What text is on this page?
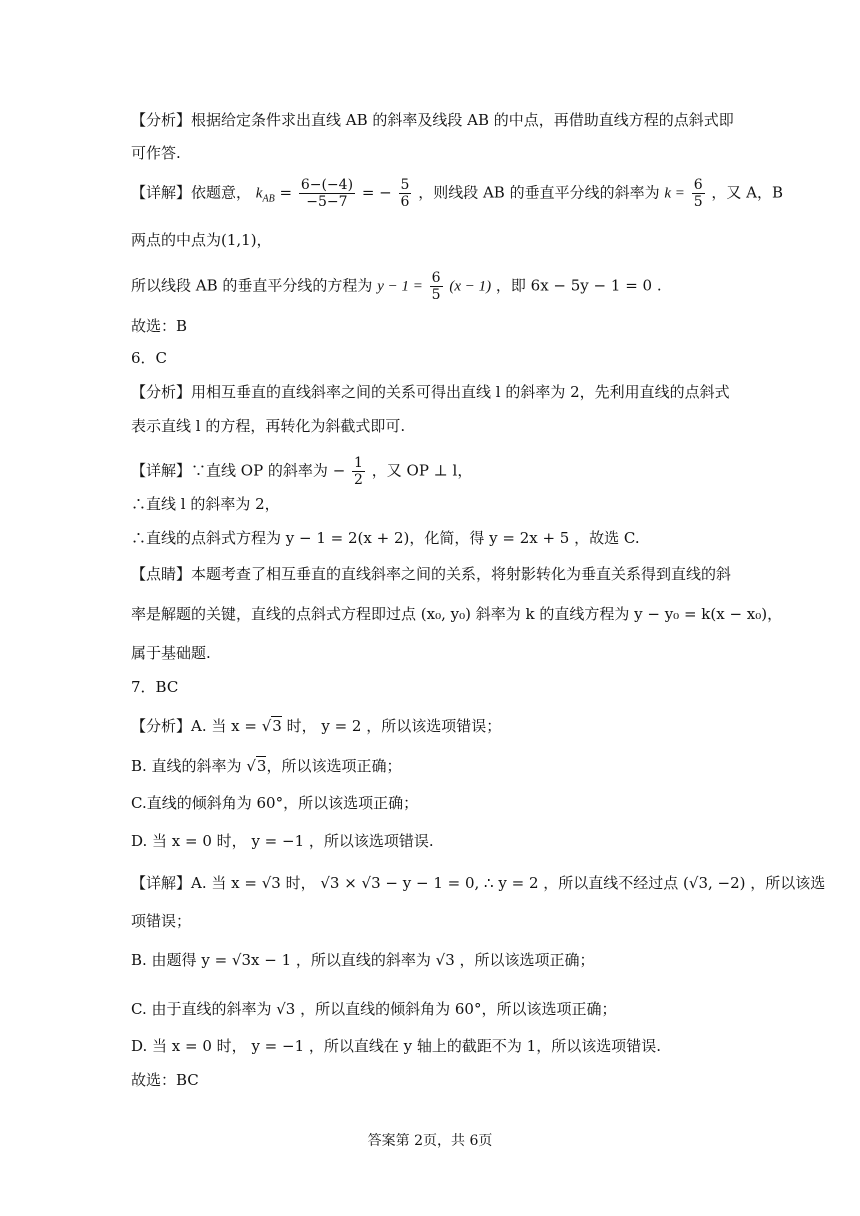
【分析】根据给定条件求出直线 AB 的斜率及线段 AB 的中点，再借助直线方程的点斜式即
可作答.
【详解】依题意， $k_{AB} = \frac{6-(-4)}{-5-7}$ = − $\frac{5}{6}$ ，则线段 AB 的垂直平分线的斜率为 $k = \frac{6}{5}$ ，又 A，B
两点的中点为(1,1)，
所以线段 AB 的垂直平分线的方程为 $y - 1 = \frac{6}{5} (x - 1)$ ，即 6x − 5y − 1 = 0 .
故选：B
6．C
【分析】用相互垂直的直线斜率之间的关系可得出直线 l 的斜率为 2，先利用直线的点斜式
表示直线 l 的方程，再转化为斜截式即可.
【详解】∵直线 OP 的斜率为 − $\frac{1}{2}$ ，又 OP ⊥ l，
∴直线 l 的斜率为 2，
∴直线的点斜式方程为 y − 1 = 2(x + 2)，化简，得 y = 2x + 5 ，故选 C.
【点睛】本题考查了相互垂直的直线斜率之间的关系，将射影转化为垂直关系得到直线的斜
率是解题的关键，直线的点斜式方程即过点 (x₀, y₀) 斜率为 k 的直线方程为 y − y₀ = k(x − x₀)，
属于基础题.
7．BC
【分析】A. 当 x = √3 时， y = 2 ，所以该选项错误；
B. 直线的斜率为 √3，所以该选项正确；
C.直线的倾斜角为 60°，所以该选项正确；
D. 当 x = 0 时， y = −1 ，所以该选项错误.
【详解】A. 当 x = √3 时， √3 × √3 − y − 1 = 0, ∴ y = 2 ，所以直线不经过点 (√3, −2) ，所以该选
项错误；
B. 由题得 y = √3x − 1 ，所以直线的斜率为 √3 ，所以该选项正确；
C. 由于直线的斜率为 √3 ，所以直线的倾斜角为 60°，所以该选项正确；
D. 当 x = 0 时， y = −1 ，所以直线在 y 轴上的截距不为 1，所以该选项错误.
故选：BC
答案第 2页，共 6页
